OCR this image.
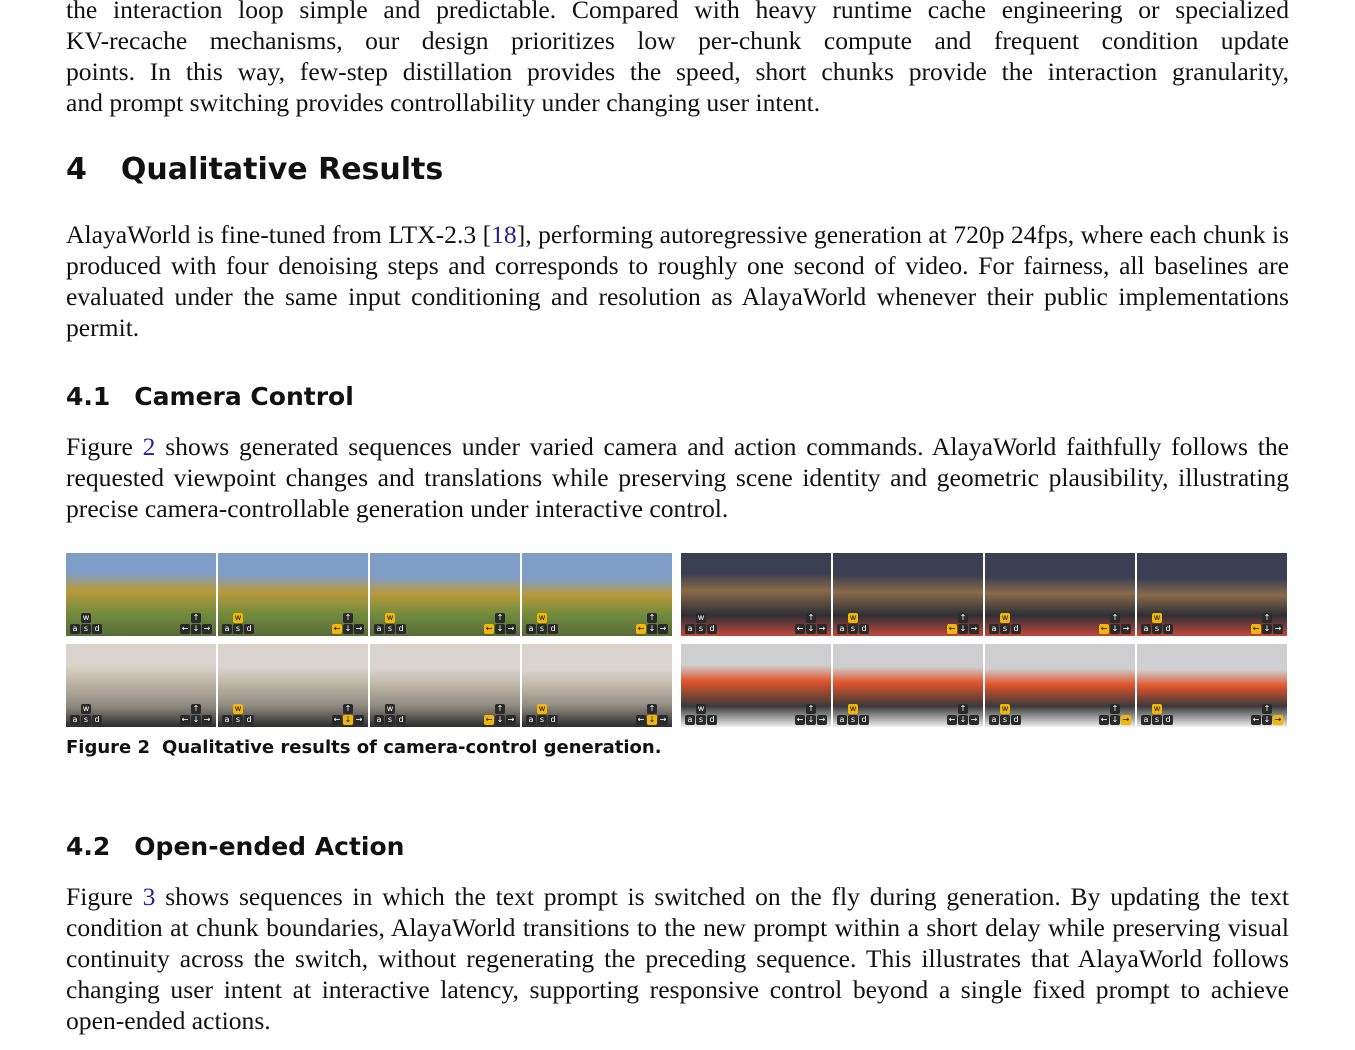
the interaction loop simple and predictable. Compared with heavy runtime cache engineering or specialized
KV-recache mechanisms, our design prioritizes low per-chunk compute and frequent condition update
points. In this way, few-step distillation provides the speed, short chunks provide the interaction granularity,
and prompt switching provides controllability under changing user intent.
4 Qualitative Results

AlayaWorld is fine-tuned from LTX-2.3 [18], performing autoregressive generation at 720p 24fps, where each chunk is produced with four denoising steps and corresponds to roughly one second of video. For fairness, all baselines are evaluated under the same input conditioning and resolution as AlayaWorld whenever their public implementations permit.

4.1 Camera Control

Figure 2 shows generated sequences under varied camera and action commands. AlayaWorld faithfully follows the requested viewpoint changes and translations while preserving scene identity and geometric plausibility, illustrating precise camera-controllable generation under interactive control.

w
a s d
↑
← ↓ →
w
a s d
↑
← ↓ →
w
a s d
↑
← ↓ →
w
a s d
↑
← ↓ →
w
a s d
↑
← ↓ →
w
a s d
↑
← ↓ →
w
a s d
↑
← ↓ →
w
a s d
↑
← ↓ →
w
a s d
↑
← ↓ →
w
a s d
↑
← ↓ →
w
a s d
↑
← ↓ →
w
a s d
↑
← ↓ →
w
a s d
↑
← ↓ →
w
a s d
↑
← ↓ →
w
a s d
↑
← ↓ →
w
a s d
↑
← ↓ →

Figure 2 Qualitative results of camera-control generation.

4.2 Open-ended Action

Figure 3 shows sequences in which the text prompt is switched on the fly during generation. By updating the text condition at chunk boundaries, AlayaWorld transitions to the new prompt within a short delay while preserving visual continuity across the switch, without regenerating the preceding sequence. This illustrates that AlayaWorld follows changing user intent at interactive latency, supporting responsive control beyond a single fixed prompt to achieve open-ended actions.
